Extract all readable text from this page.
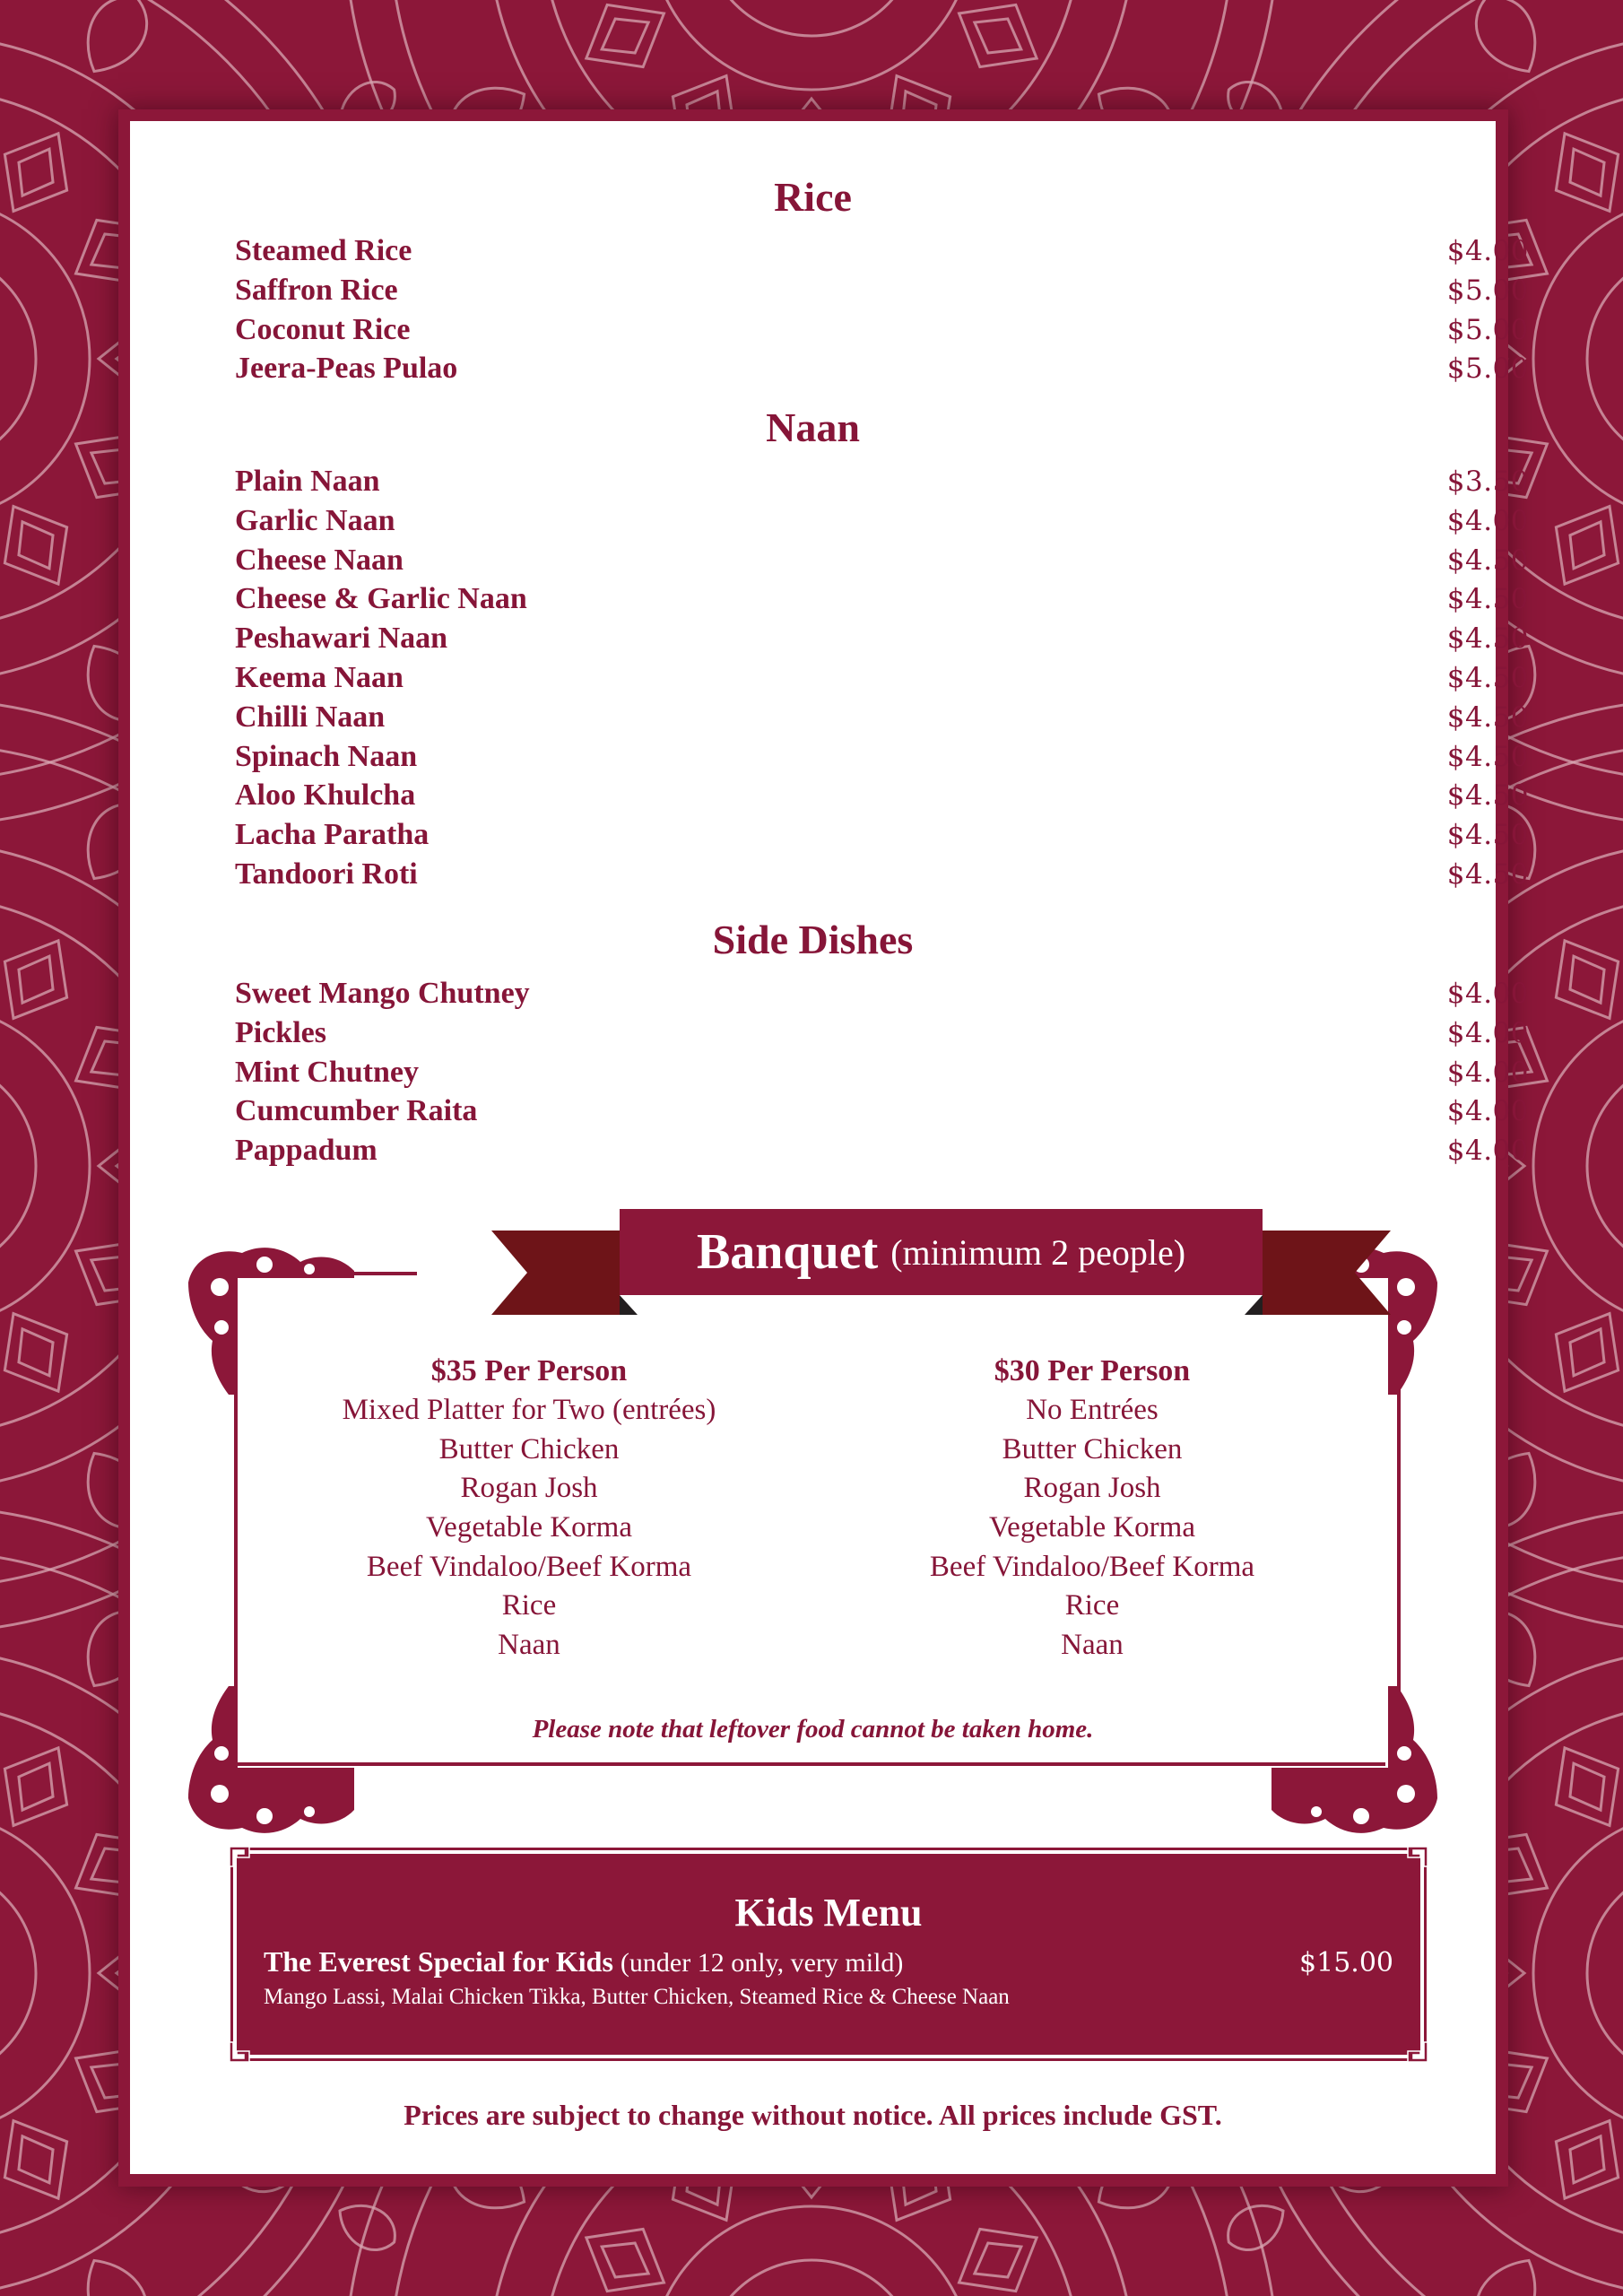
Rice
Steamed Rice	$4.00
Saffron Rice	$5.00
Coconut Rice	$5.00
Jeera-Peas Pulao	$5.00
Naan
Plain Naan	$3.50
Garlic Naan	$4.00
Cheese Naan	$4.50
Cheese & Garlic Naan	$4.50
Peshawari Naan	$4.50
Keema Naan	$4.50
Chilli Naan	$4.50
Spinach Naan	$4.50
Aloo Khulcha	$4.50
Lacha Paratha	$4.50
Tandoori Roti	$4.50
Side Dishes
Sweet Mango Chutney	$4.00
Pickles	$4.00
Mint Chutney	$4.00
Cumcumber Raita	$4.00
Pappadum	$4.00
Banquet (minimum 2 people)
$35 Per Person
Mixed Platter for Two (entrées)
Butter Chicken
Rogan Josh
Vegetable Korma
Beef Vindaloo/Beef Korma
Rice
Naan
$30 Per Person
No Entrées
Butter Chicken
Rogan Josh
Vegetable Korma
Beef Vindaloo/Beef Korma
Rice
Naan
Please note that leftover food cannot be taken home.
Kids Menu
The Everest Special for Kids (under 12 only, very mild)	$15.00
Mango Lassi, Malai Chicken Tikka, Butter Chicken, Steamed Rice & Cheese Naan
Prices are subject to change without notice. All prices include GST.
